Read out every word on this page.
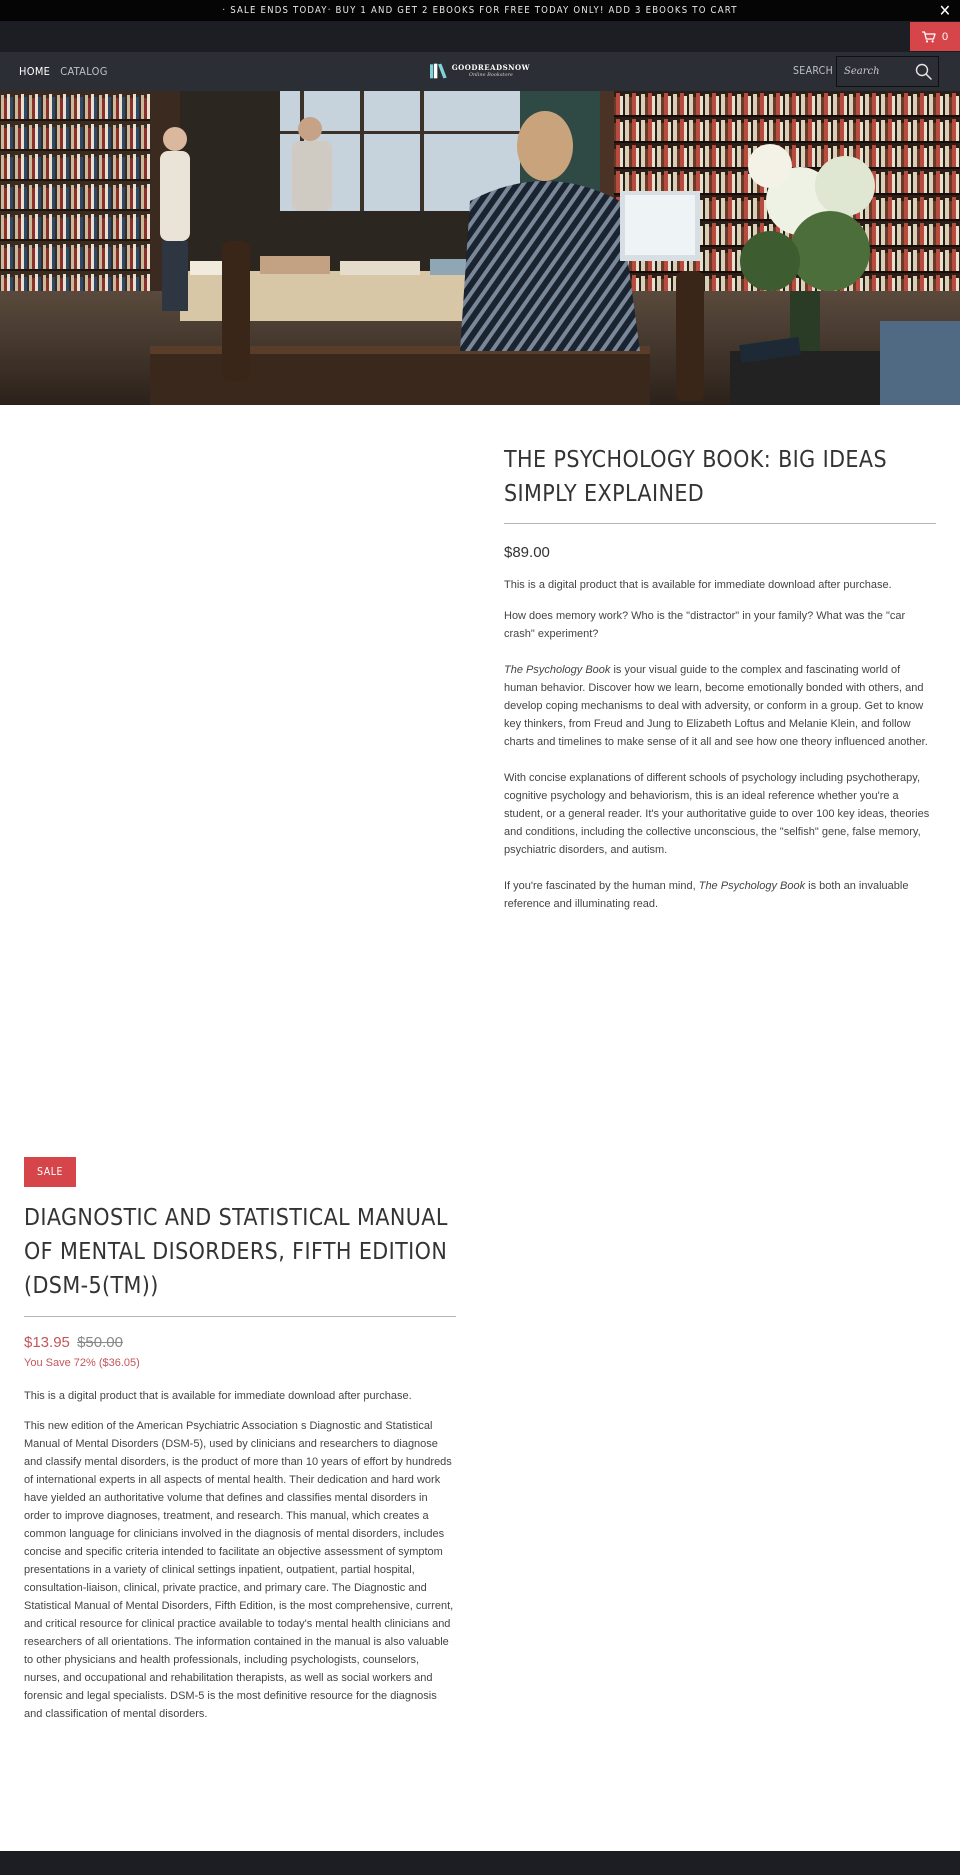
· SALE ENDS TODAY· BUY 1 AND GET 2 EBOOKS FOR FREE TODAY ONLY! ADD 3 EBOOKS TO CART	✕
0
HOME CATALOG	GOODREADSNOW
Online Bookstore	SEARCH
Search
THE PSYCHOLOGY BOOK: BIG IDEAS SIMPLY EXPLAINED
$89.00

This is a digital product that is available for immediate download after purchase.

How does memory work? Who is the "distractor" in your family? What was the "car crash" experiment?

The Psychology Book is your visual guide to the complex and fascinating world of human behavior. Discover how we learn, become emotionally bonded with others, and develop coping mechanisms to deal with adversity, or conform in a group. Get to know key thinkers, from Freud and Jung to Elizabeth Loftus and Melanie Klein, and follow charts and timelines to make sense of it all and see how one theory influenced another.

With concise explanations of different schools of psychology including psychotherapy, cognitive psychology and behaviorism, this is an ideal reference whether you're a student, or a general reader. It's your authoritative guide to over 100 key ideas, theories and conditions, including the collective unconscious, the "selfish" gene, false memory, psychiatric disorders, and autism.

If you're fascinated by the human mind, The Psychology Book is both an invaluable reference and illuminating read.

SALE
DIAGNOSTIC AND STATISTICAL MANUAL OF MENTAL DISORDERS, FIFTH EDITION (DSM-5(TM))
$13.95 $50.00
You Save 72% ($36.05)

This is a digital product that is available for immediate download after purchase.

This new edition of the American Psychiatric Association s Diagnostic and Statistical Manual of Mental Disorders (DSM-5), used by clinicians and researchers to diagnose and classify mental disorders, is the product of more than 10 years of effort by hundreds of international experts in all aspects of mental health. Their dedication and hard work have yielded an authoritative volume that defines and classifies mental disorders in order to improve diagnoses, treatment, and research. This manual, which creates a common language for clinicians involved in the diagnosis of mental disorders, includes concise and specific criteria intended to facilitate an objective assessment of symptom presentations in a variety of clinical settings inpatient, outpatient, partial hospital, consultation-liaison, clinical, private practice, and primary care. The Diagnostic and Statistical Manual of Mental Disorders, Fifth Edition, is the most comprehensive, current, and critical resource for clinical practice available to today's mental health clinicians and researchers of all orientations. The information contained in the manual is also valuable to other physicians and health professionals, including psychologists, counselors, nurses, and occupational and rehabilitation therapists, as well as social workers and forensic and legal specialists. DSM-5 is the most definitive resource for the diagnosis and classification of mental disorders.
